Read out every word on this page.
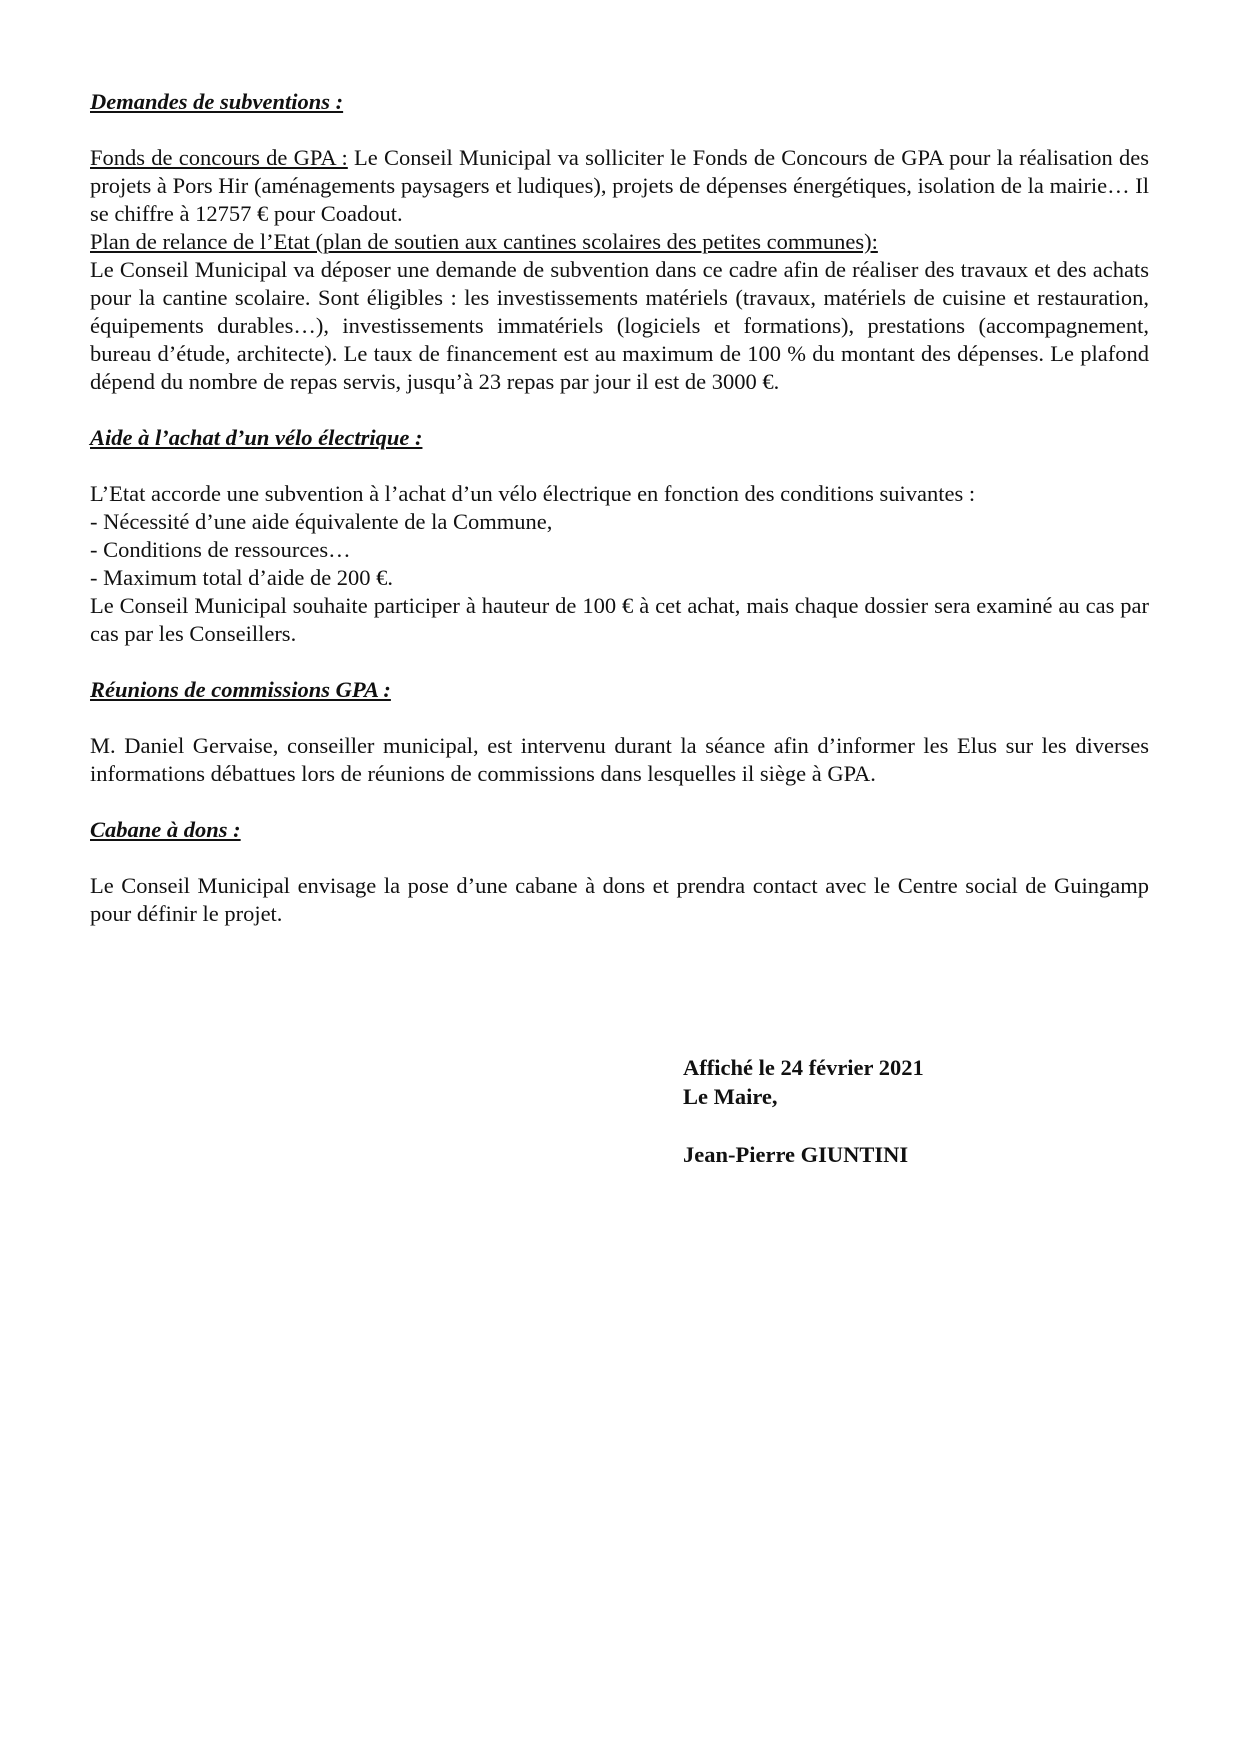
Demandes de subventions :

Fonds de concours de GPA : Le Conseil Municipal va solliciter le Fonds de Concours de GPA pour la réalisation des projets à Pors Hir (aménagements paysagers et ludiques), projets de dépenses énergétiques, isolation de la mairie… Il se chiffre à 12757 € pour Coadout.

Plan de relance de l’Etat (plan de soutien aux cantines scolaires des petites communes):

Le Conseil Municipal va déposer une demande de subvention dans ce cadre afin de réaliser des travaux et des achats pour la cantine scolaire. Sont éligibles : les investissements matériels (travaux, matériels de cuisine et restauration, équipements durables…), investissements immatériels (logiciels et formations), prestations (accompagnement, bureau d’étude, architecte). Le taux de financement est au maximum de 100 % du montant des dépenses. Le plafond dépend du nombre de repas servis, jusqu’à 23 repas par jour il est de 3000 €.

Aide à l’achat d’un vélo électrique :

L’Etat accorde une subvention à l’achat d’un vélo électrique en fonction des conditions suivantes :

- Nécessité d’une aide équivalente de la Commune,

- Conditions de ressources…

- Maximum total d’aide de 200 €.

Le Conseil Municipal souhaite participer à hauteur de 100 € à cet achat, mais chaque dossier sera examiné au cas par cas par les Conseillers.

Réunions de commissions GPA :

M. Daniel Gervaise, conseiller municipal, est intervenu durant la séance afin d’informer les Elus sur les diverses informations débattues lors de réunions de commissions dans lesquelles il siège à GPA.

Cabane à dons :

Le Conseil Municipal envisage la pose d’une cabane à dons et prendra contact avec le Centre social de Guingamp pour définir le projet.

Affiché le 24 février 2021
Le Maire,
Jean-Pierre GIUNTINI
